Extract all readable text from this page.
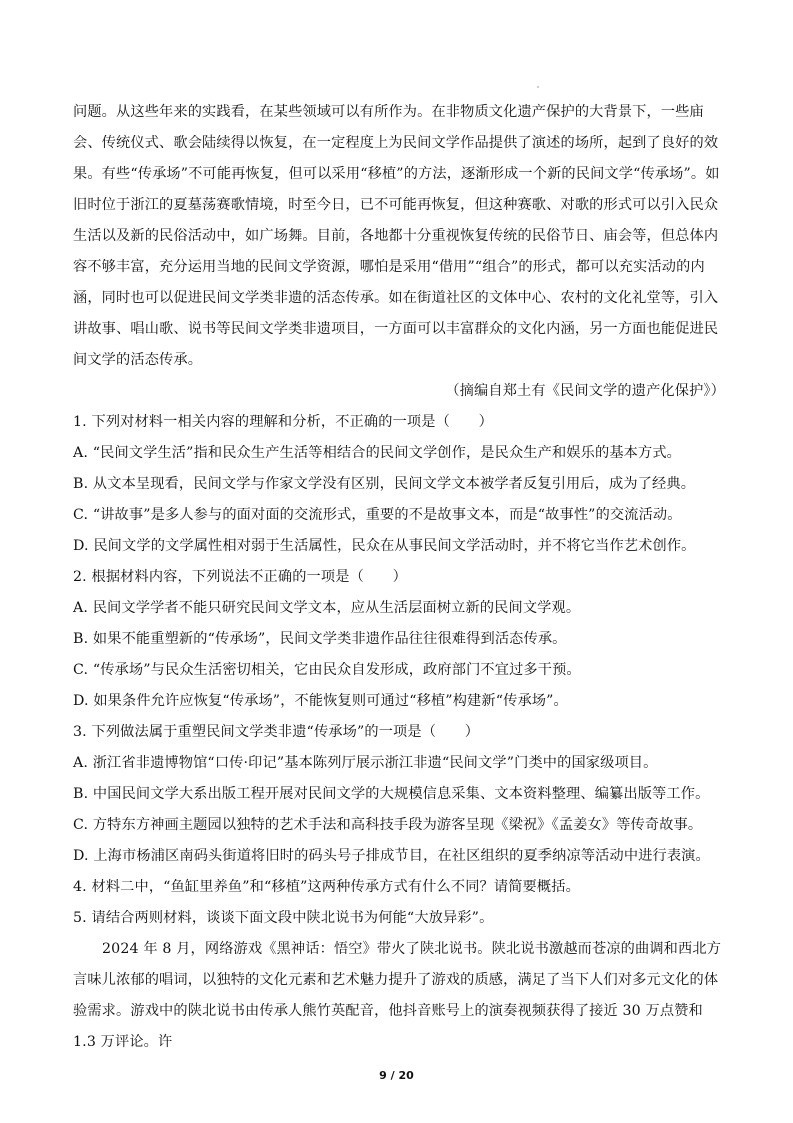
问题。从这些年来的实践看，在某些领域可以有所作为。在非物质文化遗产保护的大背景下，一些庙会、传统仪式、歌会陆续得以恢复，在一定程度上为民间文学作品提供了演述的场所，起到了良好的效果。有些“传承场”不可能再恢复，但可以采用“移植”的方法，逐渐形成一个新的民间文学“传承场”。如旧时位于浙江的夏墓荡赛歌情境，时至今日，已不可能再恢复，但这种赛歌、对歌的形式可以引入民众生活以及新的民俗活动中，如广场舞。目前，各地都十分重视恢复传统的民俗节日、庙会等，但总体内容不够丰富，充分运用当地的民间文学资源，哪怕是采用“借用”“组合”的形式，都可以充实活动的内涵，同时也可以促进民间文学类非遗的活态传承。如在街道社区的文体中心、农村的文化礼堂等，引入讲故事、唱山歌、说书等民间文学类非遗项目，一方面可以丰富群众的文化内涵，另一方面也能促进民间文学的活态传承。

（摘编自郑土有《民间文学的遗产化保护》）

1. 下列对材料一相关内容的理解和分析，不正确的一项是（　　）

A. “民间文学生活”指和民众生产生活等相结合的民间文学创作，是民众生产和娱乐的基本方式。

B. 从文本呈现看，民间文学与作家文学没有区别，民间文学文本被学者反复引用后，成为了经典。

C. “讲故事”是多人参与的面对面的交流形式，重要的不是故事文本，而是“故事性”的交流活动。

D. 民间文学的文学属性相对弱于生活属性，民众在从事民间文学活动时，并不将它当作艺术创作。

2. 根据材料内容，下列说法不正确的一项是（　　）

A. 民间文学学者不能只研究民间文学文本，应从生活层面树立新的民间文学观。

B. 如果不能重塑新的“传承场”，民间文学类非遗作品往往很难得到活态传承。

C. “传承场”与民众生活密切相关，它由民众自发形成，政府部门不宜过多干预。

D. 如果条件允许应恢复“传承场”，不能恢复则可通过“移植”构建新“传承场”。

3. 下列做法属于重塑民间文学类非遗“传承场”的一项是（　　）

A. 浙江省非遗博物馆“口传·印记”基本陈列厅展示浙江非遗“民间文学”门类中的国家级项目。

B. 中国民间文学大系出版工程开展对民间文学的大规模信息采集、文本资料整理、编纂出版等工作。

C. 方特东方神画主题园以独特的艺术手法和高科技手段为游客呈现《梁祝》《孟姜女》等传奇故事。

D. 上海市杨浦区南码头街道将旧时的码头号子排成节目，在社区组织的夏季纳凉等活动中进行表演。

4. 材料二中，“鱼缸里养鱼”和“移植”这两种传承方式有什么不同？请简要概括。

5. 请结合两则材料，谈谈下面文段中陕北说书为何能“大放异彩”。

2024 年 8 月，网络游戏《黑神话：悟空》带火了陕北说书。陕北说书激越而苍凉的曲调和西北方言味儿浓郁的唱词，以独特的文化元素和艺术魅力提升了游戏的质感，满足了当下人们对多元文化的体验需求。游戏中的陕北说书由传承人熊竹英配音，他抖音账号上的演奏视频获得了接近 30 万点赞和 1.3 万评论。许

9 / 20
